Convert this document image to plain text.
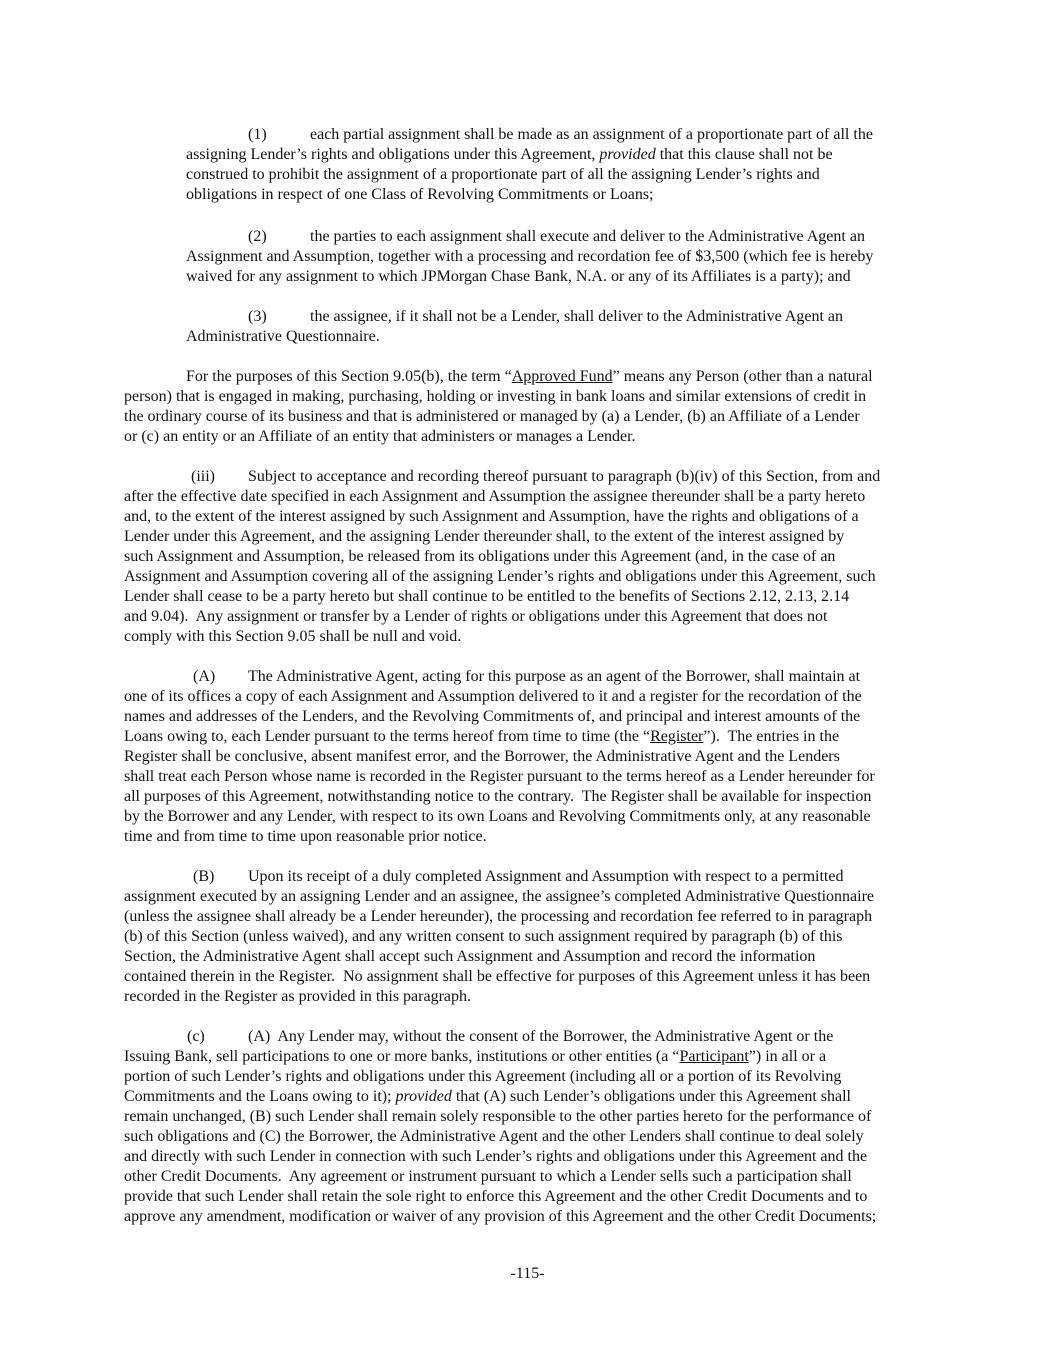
(1)	each partial assignment shall be made as an assignment of a proportionate part of all the
assigning Lender’s rights and obligations under this Agreement, provided that this clause shall not be
construed to prohibit the assignment of a proportionate part of all the assigning Lender’s rights and
obligations in respect of one Class of Revolving Commitments or Loans;
(2)	the parties to each assignment shall execute and deliver to the Administrative Agent an
Assignment and Assumption, together with a processing and recordation fee of $3,500 (which fee is hereby
waived for any assignment to which JPMorgan Chase Bank, N.A. or any of its Affiliates is a party); and
(3)	the assignee, if it shall not be a Lender, shall deliver to the Administrative Agent an
Administrative Questionnaire.
For the purposes of this Section 9.05(b), the term “Approved Fund” means any Person (other than a natural
person) that is engaged in making, purchasing, holding or investing in bank loans and similar extensions of credit in
the ordinary course of its business and that is administered or managed by (a) a Lender, (b) an Affiliate of a Lender
or (c) an entity or an Affiliate of an entity that administers or manages a Lender.
(iii) Subject to acceptance and recording thereof pursuant to paragraph (b)(iv) of this Section, from and
after the effective date specified in each Assignment and Assumption the assignee thereunder shall be a party hereto
and, to the extent of the interest assigned by such Assignment and Assumption, have the rights and obligations of a
Lender under this Agreement, and the assigning Lender thereunder shall, to the extent of the interest assigned by
such Assignment and Assumption, be released from its obligations under this Agreement (and, in the case of an
Assignment and Assumption covering all of the assigning Lender’s rights and obligations under this Agreement, such
Lender shall cease to be a party hereto but shall continue to be entitled to the benefits of Sections 2.12, 2.13, 2.14
and 9.04).  Any assignment or transfer by a Lender of rights or obligations under this Agreement that does not
comply with this Section 9.05 shall be null and void.
(A) The Administrative Agent, acting for this purpose as an agent of the Borrower, shall maintain at
one of its offices a copy of each Assignment and Assumption delivered to it and a register for the recordation of the
names and addresses of the Lenders, and the Revolving Commitments of, and principal and interest amounts of the
Loans owing to, each Lender pursuant to the terms hereof from time to time (the “Register”).  The entries in the
Register shall be conclusive, absent manifest error, and the Borrower, the Administrative Agent and the Lenders
shall treat each Person whose name is recorded in the Register pursuant to the terms hereof as a Lender hereunder for
all purposes of this Agreement, notwithstanding notice to the contrary.  The Register shall be available for inspection
by the Borrower and any Lender, with respect to its own Loans and Revolving Commitments only, at any reasonable
time and from time to time upon reasonable prior notice.
(B) Upon its receipt of a duly completed Assignment and Assumption with respect to a permitted
assignment executed by an assigning Lender and an assignee, the assignee’s completed Administrative Questionnaire
(unless the assignee shall already be a Lender hereunder), the processing and recordation fee referred to in paragraph
(b) of this Section (unless waived), and any written consent to such assignment required by paragraph (b) of this
Section, the Administrative Agent shall accept such Assignment and Assumption and record the information
contained therein in the Register.  No assignment shall be effective for purposes of this Agreement unless it has been
recorded in the Register as provided in this paragraph.
(c)	(A)  Any Lender may, without the consent of the Borrower, the Administrative Agent or the
Issuing Bank, sell participations to one or more banks, institutions or other entities (a “Participant”) in all or a
portion of such Lender’s rights and obligations under this Agreement (including all or a portion of its Revolving
Commitments and the Loans owing to it); provided that (A) such Lender’s obligations under this Agreement shall
remain unchanged, (B) such Lender shall remain solely responsible to the other parties hereto for the performance of
such obligations and (C) the Borrower, the Administrative Agent and the other Lenders shall continue to deal solely
and directly with such Lender in connection with such Lender’s rights and obligations under this Agreement and the
other Credit Documents.  Any agreement or instrument pursuant to which a Lender sells such a participation shall
provide that such Lender shall retain the sole right to enforce this Agreement and the other Credit Documents and to
approve any amendment, modification or waiver of any provision of this Agreement and the other Credit Documents;
-115-
